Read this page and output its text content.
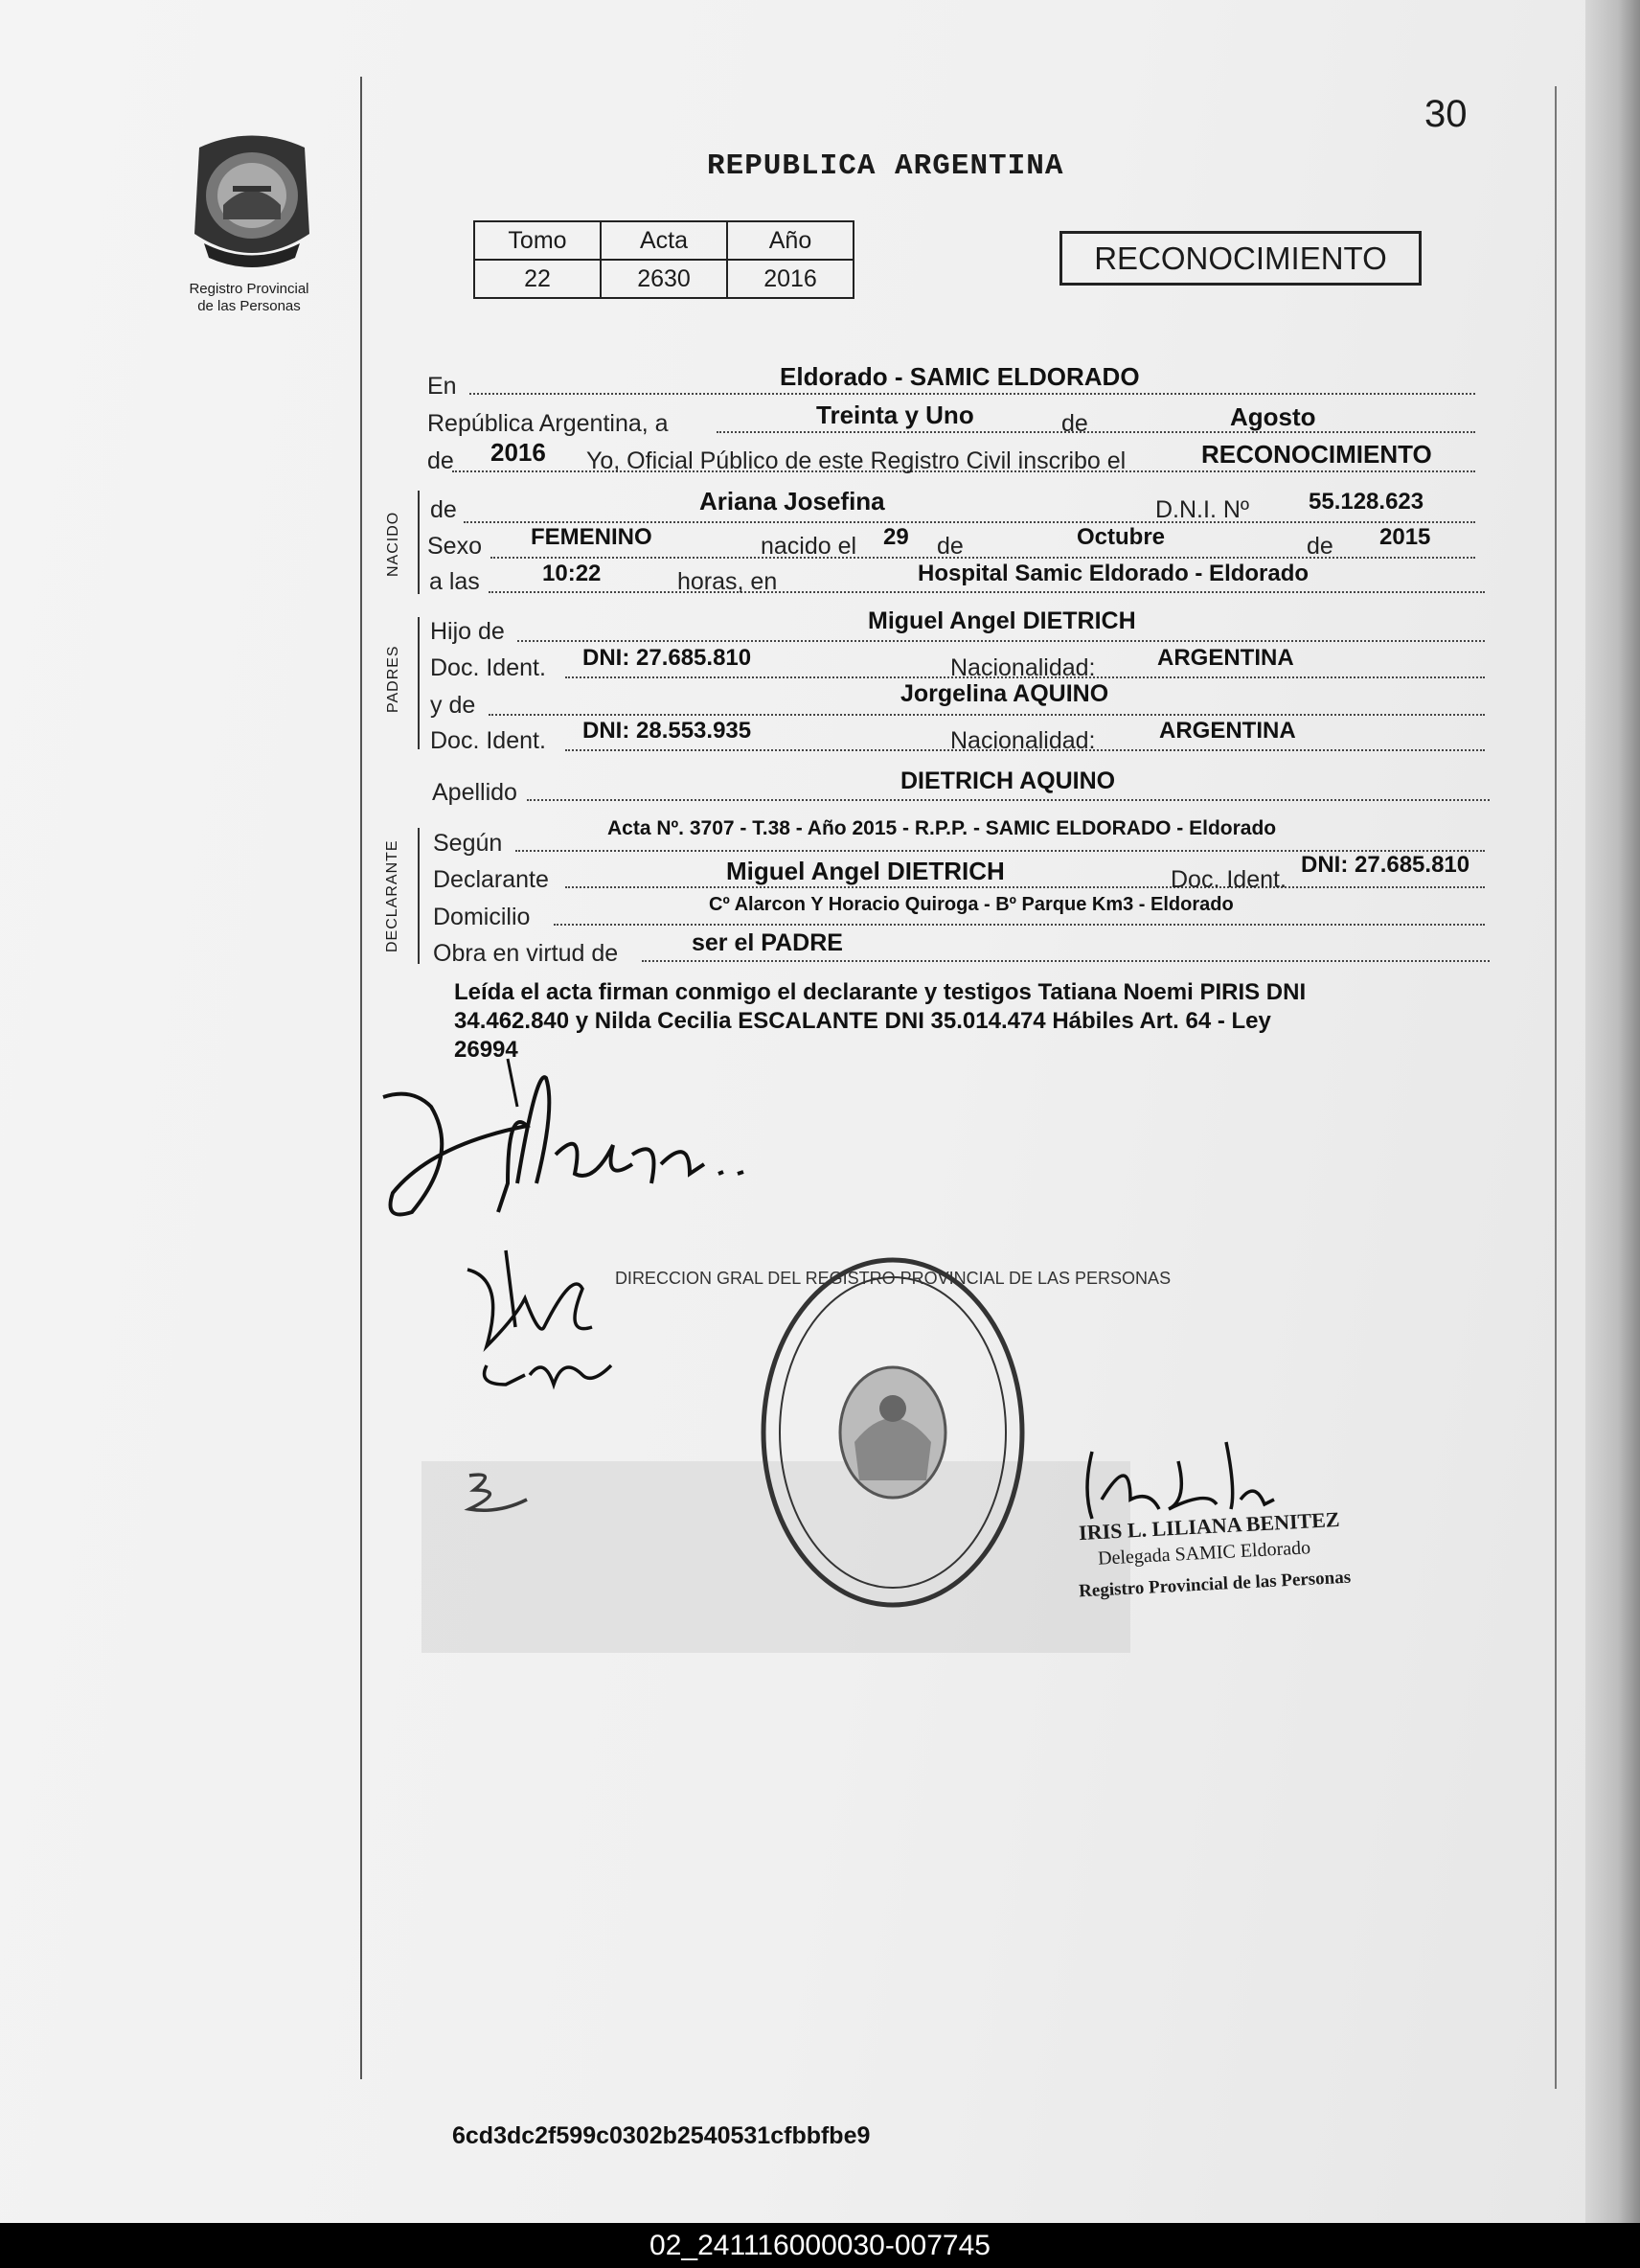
30
Registro Provincial
de las Personas
REPUBLICA ARGENTINA
Tomo	Acta	Año
22	2630	2016
RECONOCIMIENTO
NACIDO
PADRES
DECLARANTE
En	Eldorado - SAMIC ELDORADO
República Argentina, a	Treinta y Uno	de	Agosto
de 2016 Yo, Oficial Público de este Registro Civil inscribo el	RECONOCIMIENTO
de	Ariana Josefina	D.N.I. Nº	55.128.623
Sexo FEMENINO	nacido el 29 de	Octubre	de 2015
a las	10:22	horas, en	Hospital Samic Eldorado - Eldorado
Hijo de	Miguel Angel DIETRICH
Doc. Ident. DNI: 27.685.810	Nacionalidad:	ARGENTINA
y de	Jorgelina AQUINO
Doc. Ident. DNI: 28.553.935	Nacionalidad:	ARGENTINA
Apellido	DIETRICH AQUINO
Según
Acta Nº. 3707 - T.38 - Año 2015 - R.P.P. - SAMIC ELDORADO - Eldorado
Declarante	Miguel Angel DIETRICH	Doc. Ident.
DNI: 27.685.810
Domicilio	Cº Alarcon Y Horacio Quiroga - Bº Parque Km3 - Eldorado
Obra en virtud de	ser el PADRE
Leída el acta firman conmigo el declarante y testigos Tatiana Noemi PIRIS DNI
34.462.840 y Nilda Cecilia ESCALANTE DNI 35.014.474 Hábiles Art. 64 - Ley
26994
DIRECCION GRAL DEL REGISTRO PROVINCIAL DE LAS PERSONAS
IRIS L. LILIANA BENITEZ
Delegada SAMIC Eldorado
Registro Provincial de las Personas
6cd3dc2f599c0302b2540531cfbbfbe9
02_241116000030-007745
